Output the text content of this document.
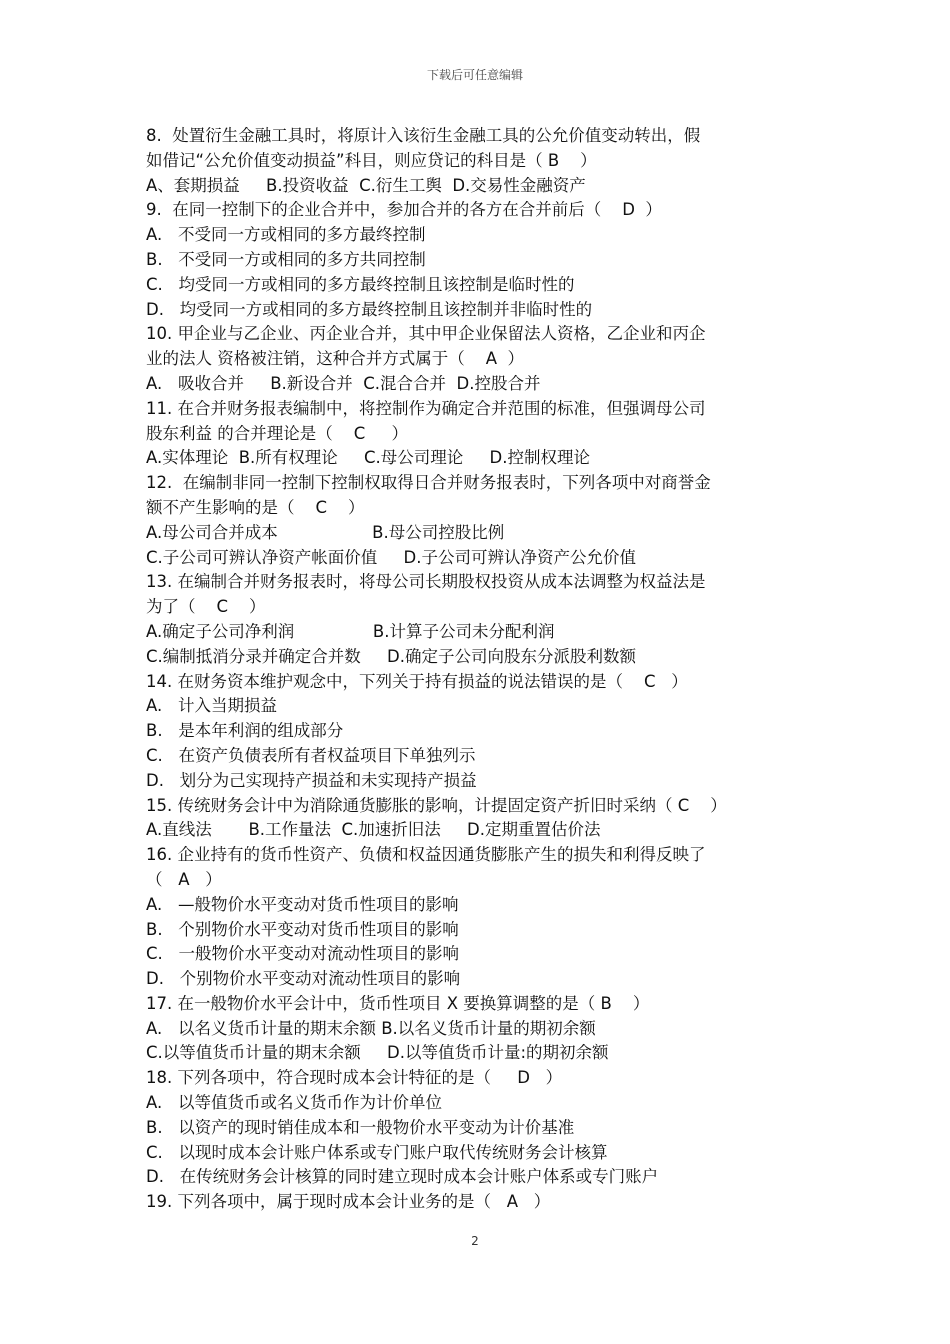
下载后可任意编辑
8.  处置衍生金融工具时，将原计入该衍生金融工具的公允价值变动转出，假
如借记“公允价值变动损益”科目，则应贷记的科目是（ B    ）
A、套期损益     B.投资收益  C.衍生工舆  D.交易性金融资产
9.  在同一控制下的企业合并中，参加合并的各方在合并前后（    D  ）
A.   不受同一方或相同的多方最终控制
B.   不受同一方或相同的多方共同控制
C.   均受同一方或相同的多方最终控制且该控制是临时性的
D.   均受同一方或相同的多方最终控制且该控制并非临时性的
10. 甲企业与乙企业、丙企业合并，其中甲企业保留法人资格，乙企业和丙企
业的法人 资格被注销，这种合并方式属于（    A  ）
A.   吸收合并     B.新设合并  C.混合合并  D.控股合并
11. 在合并财务报表编制中，将控制作为确定合并范围的标准，但强调母公司
股东利益 的合并理论是（    C     ）
A.实体理论  B.所有权理论     C.母公司理论     D.控制权理论
12.  在编制非同一控制下控制权取得日合并财务报表时，下列各项中对商誉金
额不产生影响的是（    C    ）
A.母公司合并成本                  B.母公司控股比例
C.子公司可辨认净资产帐面价值     D.子公司可辨认净资产公允价值
13. 在编制合并财务报表时，将母公司长期股权投资从成本法调整为权益法是
为了（    C    ）
A.确定子公司净利润               B.计算子公司未分配利润
C.编制抵消分录并确定合并数     D.确定子公司向股东分派股利数额
14. 在财务资本维护观念中，下列关于持有损益的说法错误的是（    C   ）
A.   计入当期损益
B.   是本年利润的组成部分
C.   在资产负债表所有者权益项目下单独列示
D.   划分为己实现持产损益和未实现持产损益
15. 传统财务会计中为消除通货膨胀的影响，计提固定资产折旧时采纳（ C    ）
A.直线法       B.工作量法  C.加速折旧法     D.定期重置估价法
16. 企业持有的货币性资产、负债和权益因通货膨胀产生的损失和利得反映了
（   A   ）
A.   —般物价水平变动对货币性项目的影响
B.   个别物价水平变动对货币性项目的影响
C.   一般物价水平变动对流动性项目的影响
D.   个别物价水平变动对流动性项目的影响
17. 在一般物价水平会计中，货币性项目 X 要换算调整的是（ B    ）
A.   以名义货币计量的期末余额 B.以名义货币计量的期初余额
C.以等值货币计量的期末余额     D.以等值货币计量:的期初余额
18. 下列各项中，符合现时成本会计特征的是（     D   ）
A.   以等值货币或名义货币作为计价单位
B.   以资产的现时销佳成本和一般物价水平变动为计价基准
C.   以现时成本会计账户体系或专门账户取代传统财务会计核算
D.   在传统财务会计核算的同时建立现时成本会计账户体系或专门账户
19. 下列各项中，属于现时成本会计业务的是（   A   ）
2
